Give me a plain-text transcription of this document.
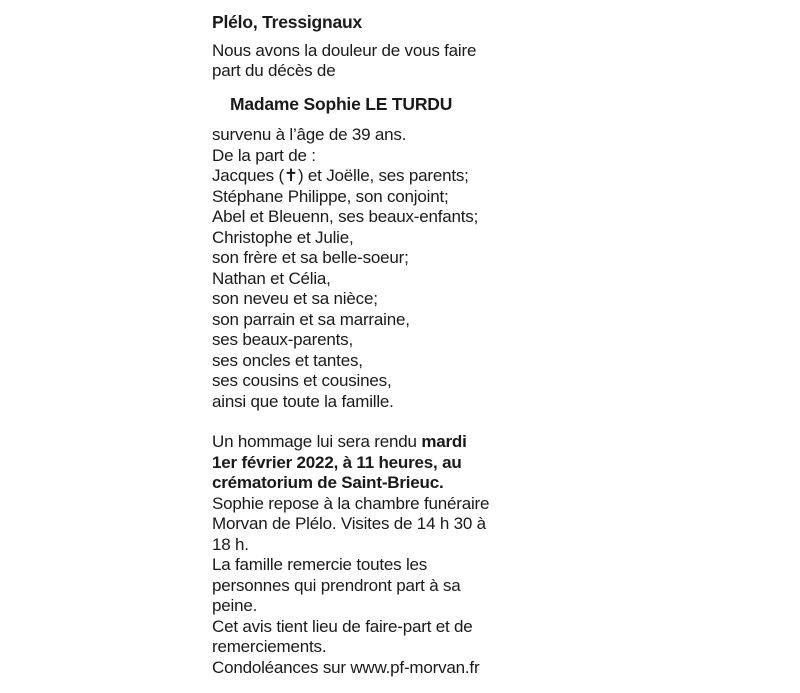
Plélo, Tressignaux
Nous avons la douleur de vous faire
part du décès de
Madame Sophie LE TURDU
survenu à l’âge de 39 ans.
De la part de :
Jacques (✝) et Joëlle, ses parents;
Stéphane Philippe, son conjoint;
Abel et Bleuenn, ses beaux-enfants;
Christophe et Julie,
son frère et sa belle-soeur;
Nathan et Célia,
son neveu et sa nièce;
son parrain et sa marraine,
ses beaux-parents,
ses oncles et tantes,
ses cousins et cousines,
ainsi que toute la famille.
Un hommage lui sera rendu mardi
1er février 2022, à 11 heures, au
crématorium de Saint-Brieuc.
Sophie repose à la chambre funéraire
Morvan de Plélo. Visites de 14 h 30 à
18 h.
La famille remercie toutes les
personnes qui prendront part à sa
peine.
Cet avis tient lieu de faire-part et de
remerciements.
Condoléances sur www.pf-morvan.fr
